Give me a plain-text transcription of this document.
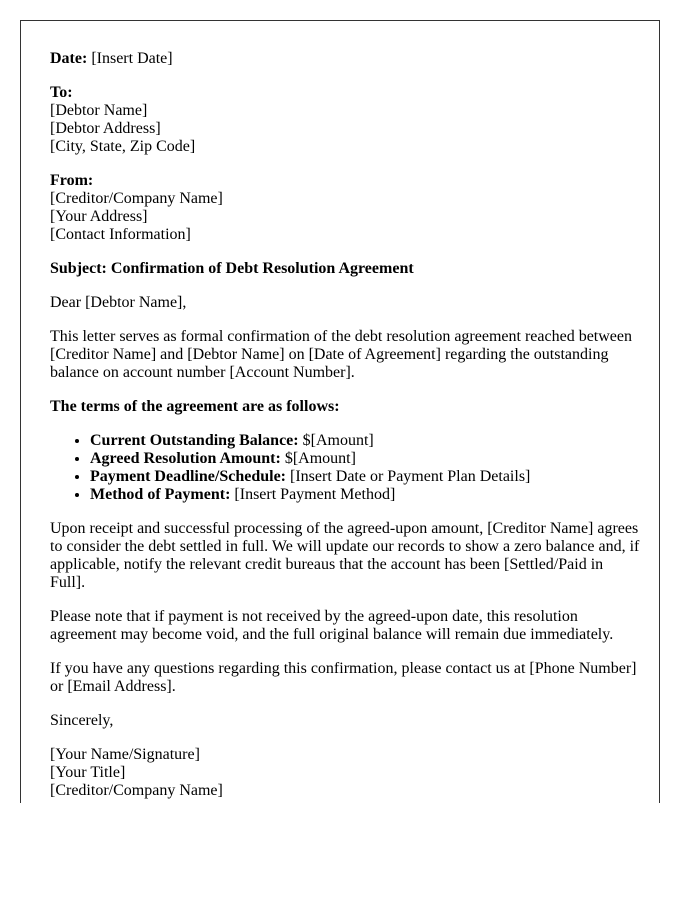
Date: [Insert Date]

To:
[Debtor Name]
[Debtor Address]
[City, State, Zip Code]

From:
[Creditor/Company Name]
[Your Address]
[Contact Information]

Subject: Confirmation of Debt Resolution Agreement

Dear [Debtor Name],

This letter serves as formal confirmation of the debt resolution agreement reached between [Creditor Name] and [Debtor Name] on [Date of Agreement] regarding the outstanding balance on account number [Account Number].

The terms of the agreement are as follows:

• Current Outstanding Balance: $[Amount]
• Agreed Resolution Amount: $[Amount]
• Payment Deadline/Schedule: [Insert Date or Payment Plan Details]
• Method of Payment: [Insert Payment Method]

Upon receipt and successful processing of the agreed-upon amount, [Creditor Name] agrees to consider the debt settled in full. We will update our records to show a zero balance and, if applicable, notify the relevant credit bureaus that the account has been [Settled/Paid in Full].

Please note that if payment is not received by the agreed-upon date, this resolution agreement may become void, and the full original balance will remain due immediately.

If you have any questions regarding this confirmation, please contact us at [Phone Number] or [Email Address].

Sincerely,

[Your Name/Signature]
[Your Title]
[Creditor/Company Name]
